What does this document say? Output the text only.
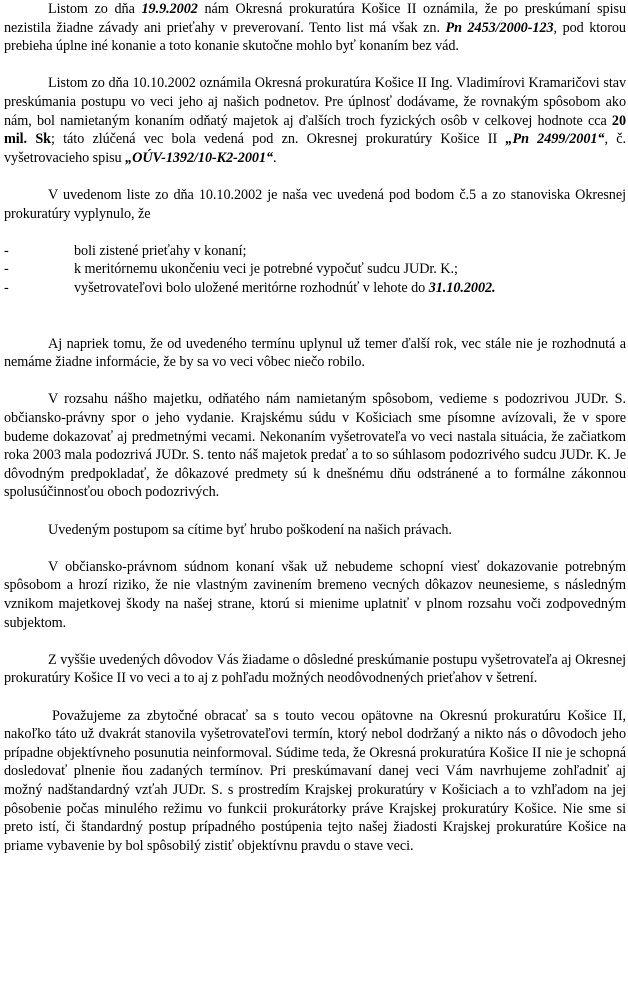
Listom zo dňa 19.9.2002 nám Okresná prokuratúra Košice II oznámila, že po preskúmaní spisu nezistila žiadne závady ani prieťahy v preverovaní. Tento list má však zn. Pn 2453/2000-123, pod ktorou prebieha úplne iné konanie a toto konanie skutočne mohlo byť konaním bez vád.

Listom zo dňa 10.10.2002 oznámila Okresná prokuratúra Košice II Ing. Vladimírovi Kramaričovi stav preskúmania postupu vo veci jeho aj našich podnetov. Pre úplnosť dodávame, že rovnakým spôsobom ako nám, bol namietaným konaním odňatý majetok aj ďalších troch fyzických osôb v celkovej hodnote cca 20 mil. Sk; táto zlúčená vec bola vedená pod zn. Okresnej prokuratúry Košice II „Pn 2499/2001“, č. vyšetrovacieho spisu „OÚV-1392/10-K2-2001“.

V uvedenom liste zo dňa 10.10.2002 je naša vec uvedená pod bodom č.5 a zo stanoviska Okresnej prokuratúry vyplynulo, že

-	boli zistené prieťahy v konaní;
-	k meritórnemu ukončeniu veci je potrebné vypočuť sudcu JUDr. K.;
-	vyšetrovateľovi bolo uložené meritórne rozhodnúť v lehote do 31.10.2002.

Aj napriek tomu, že od uvedeného termínu uplynul už temer ďalší rok, vec stále nie je rozhodnutá a nemáme žiadne informácie, že by sa vo veci vôbec niečo robilo.

V rozsahu nášho majetku, odňatého nám namietaným spôsobom, vedieme s podozrivou JUDr. S. občiansko-právny spor o jeho vydanie. Krajskému súdu v Košiciach sme písomne avízovali, že v spore budeme dokazovať aj predmetnými vecami. Nekonaním vyšetrovateľa vo veci nastala situácia, že začiatkom roka 2003 mala podozrivá JUDr. S. tento náš majetok predať a to so súhlasom podozrivého sudcu JUDr. K. Je dôvodným predpokladať, že dôkazové predmety sú k dnešnému dňu odstránené a to formálne zákonnou spolusúčinnosťou oboch podozrivých.

Uvedeným postupom sa cítime byť hrubo poškodení na našich právach.

V občiansko-právnom súdnom konaní však už nebudeme schopní viesť dokazovanie potrebným spôsobom a hrozí riziko, že nie vlastným zavinením bremeno vecných dôkazov neunesieme, s následným vznikom majetkovej škody na našej strane, ktorú si mienime uplatniť v plnom rozsahu voči zodpovedným subjektom.

Z vyššie uvedených dôvodov Vás žiadame o dôsledné preskúmanie postupu vyšetrovateľa aj Okresnej prokuratúry Košice II vo veci a to aj z pohľadu možných neodôvodnených prieťahov v šetrení.

Považujeme za zbytočné obracať sa s touto vecou opätovne na Okresnú prokuratúru Košice II, nakoľko táto už dvakrát stanovila vyšetrovateľovi termín, ktorý nebol dodržaný a nikto nás o dôvodoch jeho prípadne objektívneho posunutia neinformoval. Súdime teda, že Okresná prokuratúra Košice II nie je schopná dosledovať plnenie ňou zadaných termínov. Pri preskúmavaní danej veci Vám navrhujeme zohľadniť aj možný nadštandardný vzťah JUDr. S. s prostredím Krajskej prokuratúry v Košiciach a to vzhľadom na jej pôsobenie počas minulého režimu vo funkcii prokurátorky práve Krajskej prokuratúry Košice. Nie sme si preto istí, či štandardný postup prípadného postúpenia tejto našej žiadosti Krajskej prokuratúre Košice na priame vybavenie by bol spôsobilý zistiť objektívnu pravdu o stave veci.
